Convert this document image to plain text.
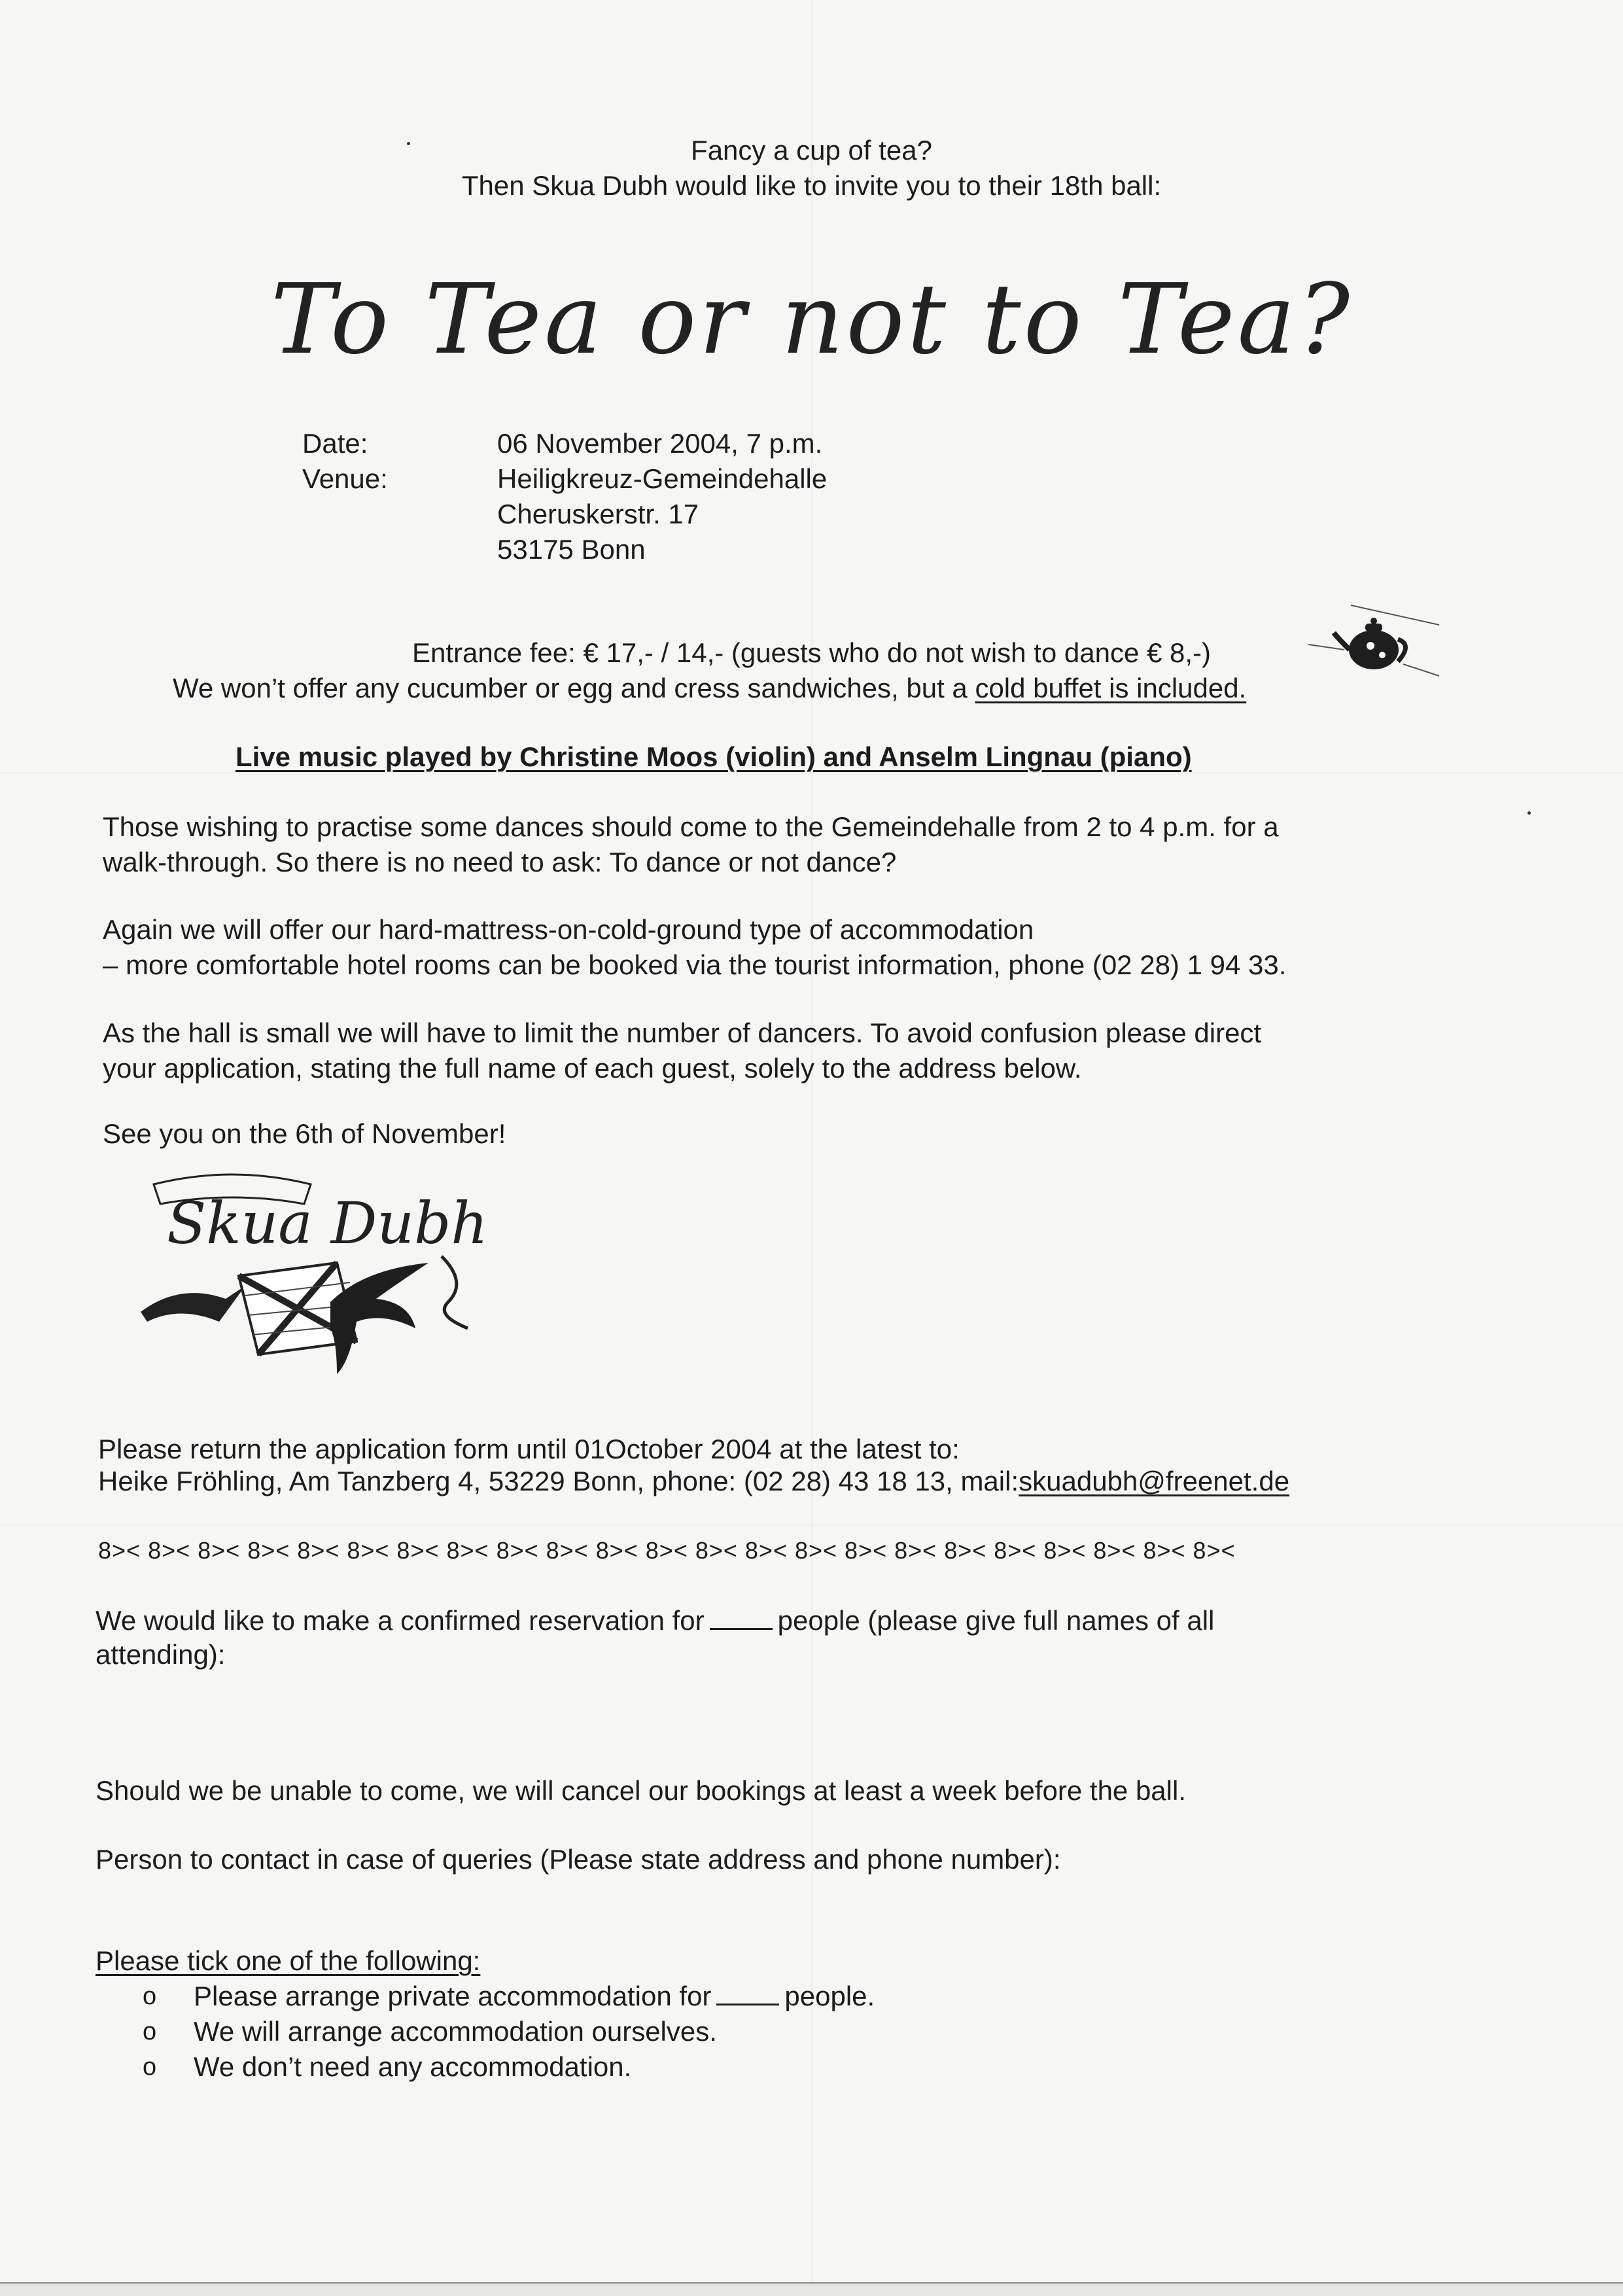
Fancy a cup of tea?
Then Skua Dubh would like to invite you to their 18th ball:
To Tea or not to Tea?
Date:	06 November 2004, 7 p.m.
Venue:	Heiligkreuz-Gemeindehalle
Cheruskerstr. 17
53175 Bonn
Entrance fee: € 17,- / 14,- (guests who do not wish to dance € 8,-)
We won’t offer any cucumber or egg and cress sandwiches, but a cold buffet is included.
Live music played by Christine Moos (violin) and Anselm Lingnau (piano)
Those wishing to practise some dances should come to the Gemeindehalle from 2 to 4 p.m. for a
walk-through. So there is no need to ask: To dance or not dance?
Again we will offer our hard-mattress-on-cold-ground type of accommodation
– more comfortable hotel rooms can be booked via the tourist information, phone (02 28) 1 94 33.
As the hall is small we will have to limit the number of dancers. To avoid confusion please direct
your application, stating the full name of each guest, solely to the address below.
See you on the 6th of November!
Skua Dubh
Please return the application form until 01October 2004 at the latest to:
Heike Fröhling, Am Tanzberg 4, 53229 Bonn, phone: (02 28) 43 18 13, mail:skuadubh@freenet.de
8>< 8>< 8>< 8>< 8>< 8>< 8>< 8>< 8>< 8>< 8>< 8>< 8>< 8>< 8>< 8>< 8>< 8>< 8>< 8>< 8>< 8>< 8><
We would like to make a confirmed reservation for	people (please give full names of all
attending):
Should we be unable to come, we will cancel our bookings at least a week before the ball.
Person to contact in case of queries (Please state address and phone number):
Please tick one of the following:
o Please arrange private accommodation for	people.
o We will arrange accommodation ourselves.
o We don’t need any accommodation.
